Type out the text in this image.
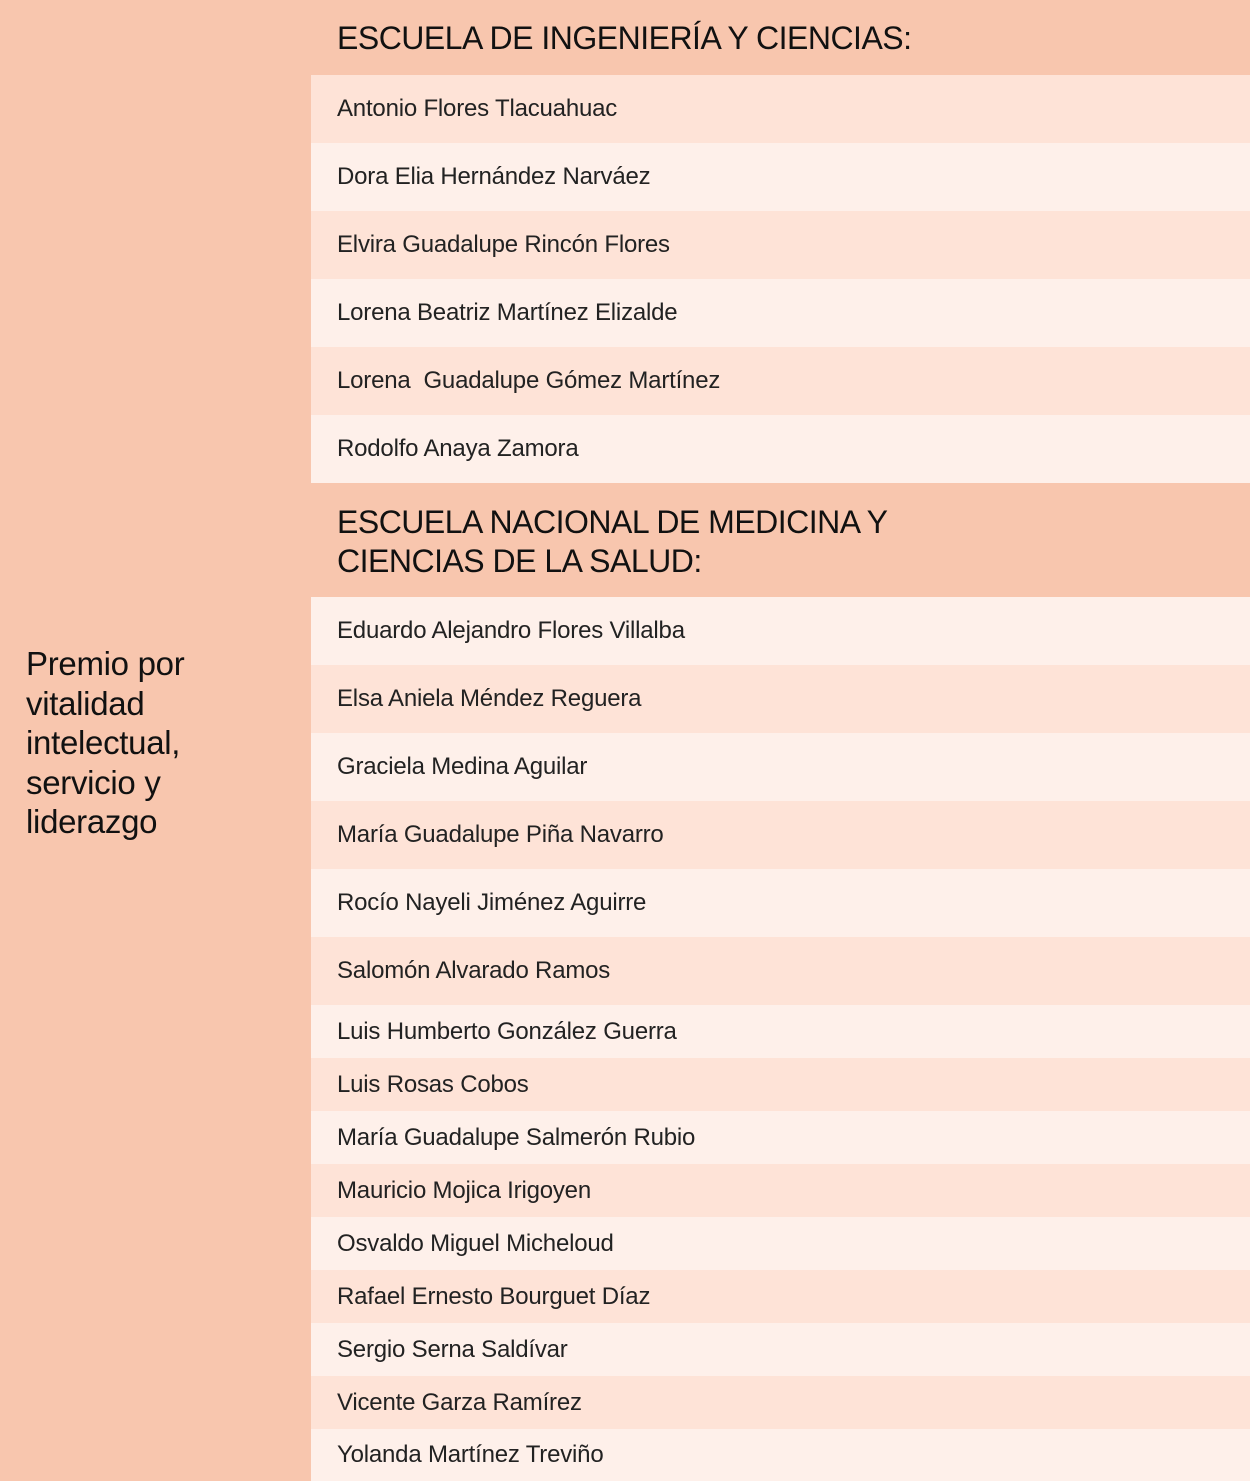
Premio por vitalidad intelectual, servicio y liderazgo
ESCUELA DE INGENIERÍA Y CIENCIAS:
Antonio Flores Tlacuahuac
Dora Elia Hernández Narváez
Elvira Guadalupe Rincón Flores
Lorena Beatriz Martínez Elizalde
Lorena  Guadalupe Gómez Martínez
Rodolfo Anaya Zamora
ESCUELA NACIONAL DE MEDICINA Y
CIENCIAS DE LA SALUD:
Eduardo Alejandro Flores Villalba
Elsa Aniela Méndez Reguera
Graciela Medina Aguilar
María Guadalupe Piña Navarro
Rocío Nayeli Jiménez Aguirre
Salomón Alvarado Ramos
Luis Humberto González Guerra
Luis Rosas Cobos
María Guadalupe Salmerón Rubio
Mauricio Mojica Irigoyen
Osvaldo Miguel Micheloud
Rafael Ernesto Bourguet Díaz
Sergio Serna Saldívar
Vicente Garza Ramírez
Yolanda Martínez Treviño
